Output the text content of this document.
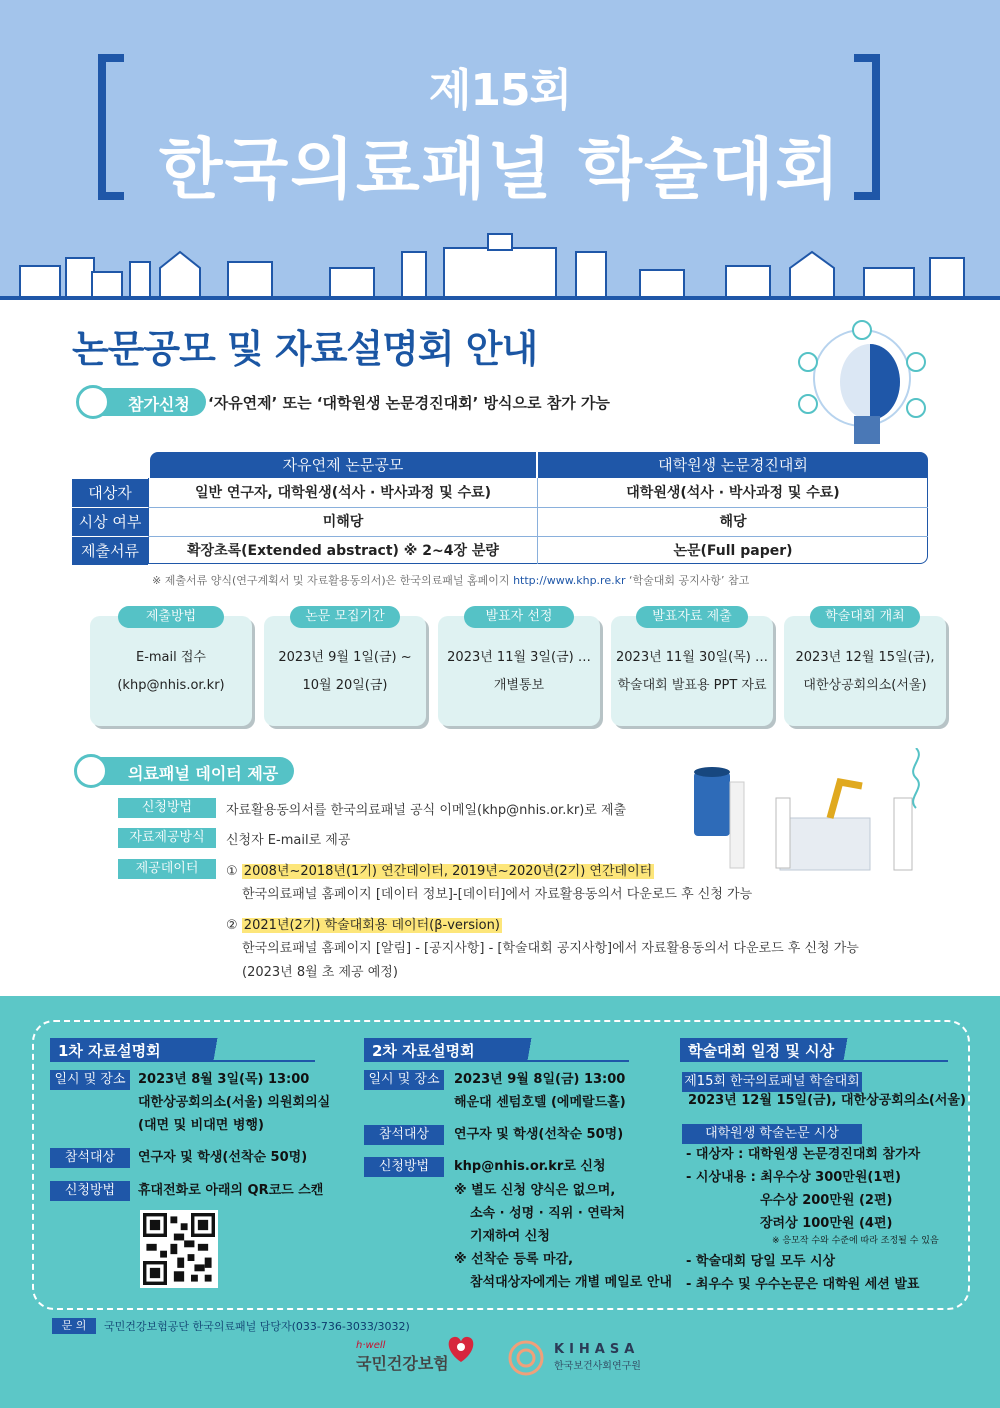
제15회
한국의료패널 학술대회
논문공모 및 자료설명회 안내
참가신청	‘자유연제’ 또는 ‘대학원생 논문경진대회’ 방식으로 참가 가능
자유연제 논문공모	대학원생 논문경진대회
대상자	일반 연구자, 대학원생(석사 · 박사과정 및 수료)	대학원생(석사 · 박사과정 및 수료)
시상 여부	미해당	해당
제출서류	확장초록(Extended abstract) ※ 2~4장 분량	논문(Full paper)
※ 제출서류 양식(연구계획서 및 자료활용동의서)은 한국의료패널 홈페이지 http://www.khp.re.kr ‘학술대회 공지사항’ 참고
제출방법	논문 모집기간	발표자 선정	발표자료 제출	학술대회 개최
E-mail 접수
(khp@nhis.or.kr)
2023년 9월 1일(금) ~
10월 20일(금)
2023년 11월 3일(금) …
개별통보
2023년 11월 30일(목) …
학술대회 발표용 PPT 자료
2023년 12월 15일(금),
대한상공회의소(서울)
의료패널 데이터 제공
신청방법	자료활용동의서를 한국의료패널 공식 이메일(khp@nhis.or.kr)로 제출
자료제공방식	신청자 E-mail로 제공
제공데이터	① 2008년~2018년(1기) 연간데이터, 2019년~2020년(2기) 연간데이터
한국의료패널 홈페이지 [데이터 정보]-[데이터]에서 자료활용동의서 다운로드 후 신청 가능
② 2021년(2기) 학술대회용 데이터(β-version)
한국의료패널 홈페이지 [알림] - [공지사항] - [학술대회 공지사항]에서 자료활용동의서 다운로드 후 신청 가능
(2023년 8월 초 제공 예정)
1차 자료설명회
일시 및 장소 2023년 8월 3일(목) 13:00
대한상공회의소(서울) 의원회의실
(대면 및 비대면 병행)
참석대상	연구자 및 학생(선착순 50명)
신청방법	휴대전화로 아래의 QR코드 스캔
2차 자료설명회
일시 및 장소	2023년 9월 8일(금) 13:00
해운대 센텀호텔 (에메랄드홀)
참석대상	연구자 및 학생(선착순 50명)
신청방법	khp@nhis.or.kr로 신청
※ 별도 신청 양식은 없으며,
소속 · 성명 · 직위 · 연락처
기재하여 신청
※ 선착순 등록 마감,
참석대상자에게는 개별 메일로 안내
학술대회 일정 및 시상
제15회 한국의료패널 학술대회
2023년 12월 15일(금), 대한상공회의소(서울)
대학원생 학술논문 시상
- 대상자 : 대학원생 논문경진대회 참가자
- 시상내용 : 최우수상 300만원(1편)
우수상 200만원 (2편)
장려상 100만원 (4편)
※ 응모작 수와 수준에 따라 조정될 수 있음
- 학술대회 당일 모두 시상
- 최우수 및 우수논문은 대학원 세션 발표
문 의	국민건강보험공단 한국의료패널 담당자(033-736-3033/3032)
h·well
국민건강보험
KIHASA
한국보건사회연구원
